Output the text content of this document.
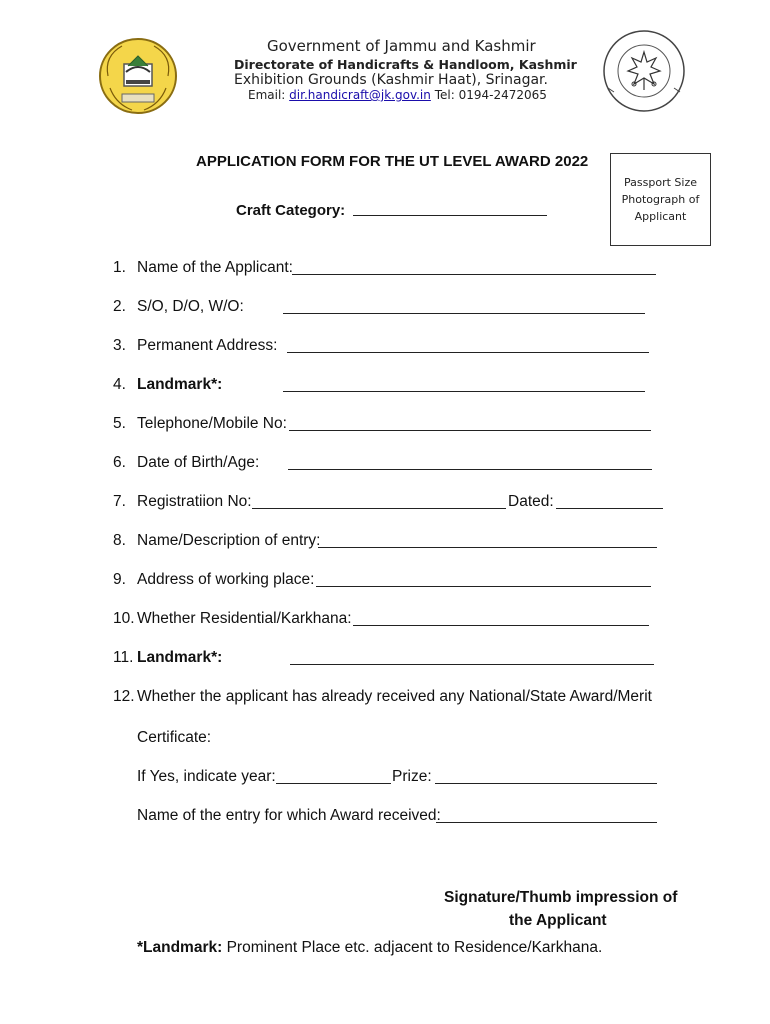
Government of Jammu and Kashmir
Directorate of Handicrafts & Handloom, Kashmir
Exhibition Grounds (Kashmir Haat), Srinagar.
Email: dir.handicraft@jk.gov.in Tel: 0194-2472065
APPLICATION FORM FOR THE UT LEVEL AWARD 2022
Passport Size
Photograph of
Applicant
Craft Category:
1. Name of the Applicant:
2. S/O, D/O, W/O:
3. Permanent Address:
4. Landmark*:
5. Telephone/Mobile No:
6. Date of Birth/Age:
7. Registratiion No:	Dated:
8. Name/Description of entry:
9. Address of working place:
10. Whether Residential/Karkhana:
11. Landmark*:
12. Whether the applicant has already received any National/State Award/Merit
Certificate:
If Yes, indicate year:	Prize:
Name of the entry for which Award received:
Signature/Thumb impression of
the Applicant
*Landmark: Prominent Place etc. adjacent to Residence/Karkhana.
